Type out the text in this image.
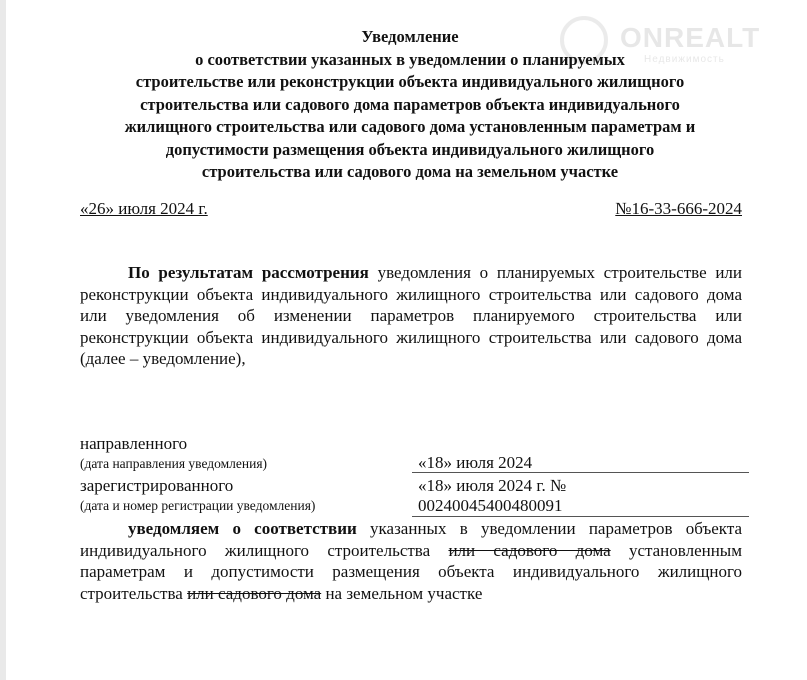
ONREALT
Недвижимость
Уведомление
о соответствии указанных в уведомлении о планируемых
строительстве или реконструкции объекта индивидуального жилищного
строительства или садового дома параметров объекта индивидуального
жилищного строительства или садового дома установленным параметрам и
допустимости размещения объекта индивидуального жилищного
строительства или садового дома на земельном участке
«26» июля 2024 г.	№16-33-666-2024
По результатам рассмотрения уведомления о планируемых строительстве или реконструкции объекта индивидуального жилищного строительства или садового дома или уведомления об изменении параметров планируемого строительства или реконструкции объекта индивидуального жилищного строительства или садового дома (далее – уведомление),
направленного
(дата направления уведомления)	«18» июля 2024
зарегистрированного
(дата и номер регистрации уведомления)
«18» июля 2024 г. №
00240045400480091
уведомляем о соответствии указанных в уведомлении параметров объекта индивидуального жилищного строительства или садового дома установленным параметрам и допустимости размещения объекта индивидуального жилищного строительства или садового дома на земельном участке
